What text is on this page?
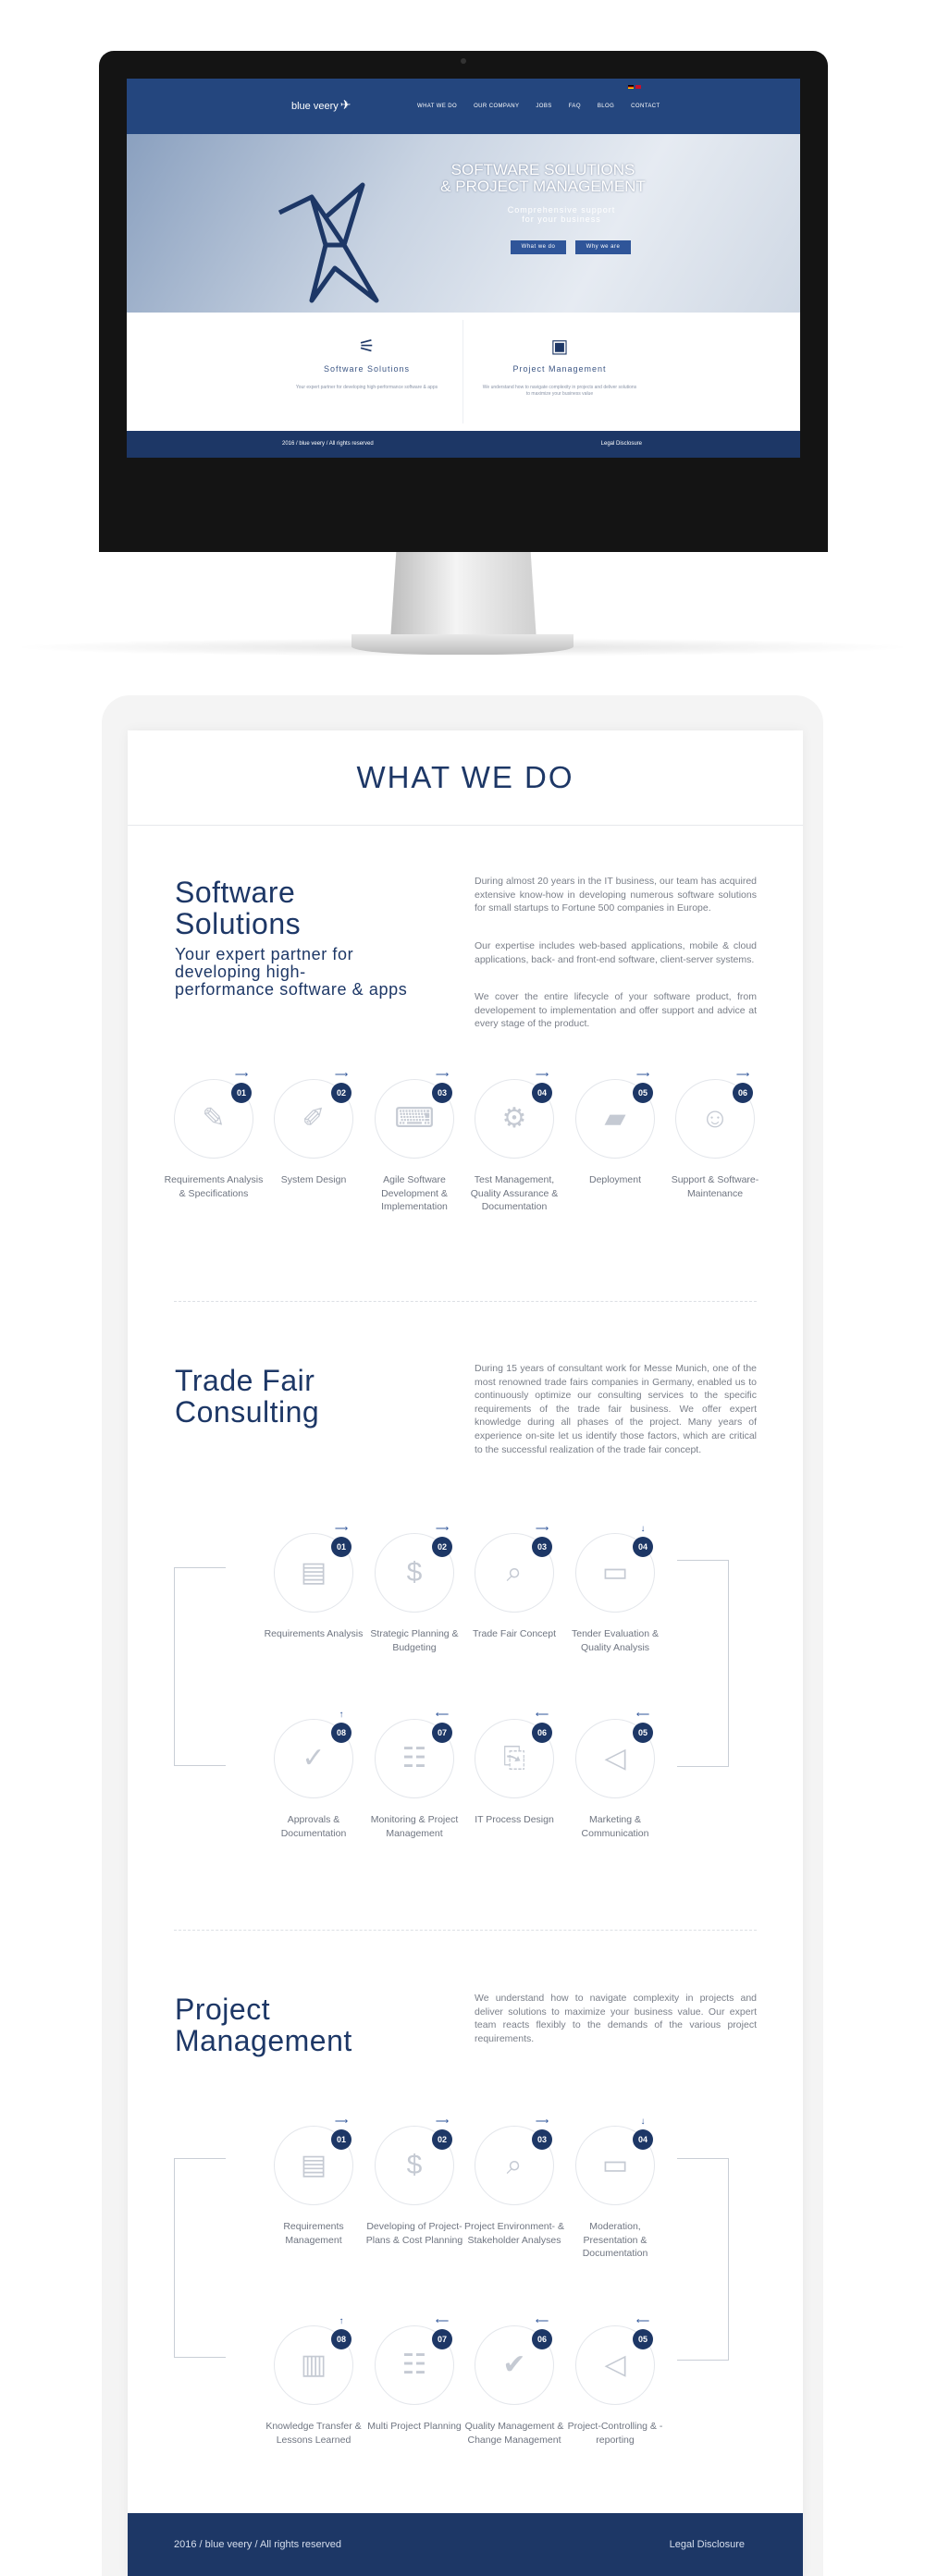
blue veery ✈	WHAT WE DO	OUR COMPANY	JOBS	FAQ	BLOG	CONTACT
SOFTWARE SOLUTIONS
& PROJECT MANAGEMENT
Comprehensive support
for your business
What we do	Why we are
⚟
Software Solutions
Your expert partner for developing high-performance software & apps
▣
Project Management
We understand how to navigate complexity in projects and deliver solutions to maximize your business value
2016 / blue veery / All rights reserved	Legal Disclosure
WHAT WE DO
Software
Solutions
Your expert partner for
developing high-
performance software & apps
During almost 20 years in the IT business, our team has acquired extensive know-how in developing numerous software solutions for small startups to Fortune 500 companies in Europe.
Our expertise includes web-based applications, mobile & cloud applications, back- and front-end software, client-server systems.
We cover the entire lifecycle of your software product, from developement to implementation and offer support and advice at every stage of the product.
✎
⟶
01
Requirements Analysis & Specifications
✐
⟶
02
System Design
⌨
⟶
03
Agile Software Development & Implementation
⚙
⟶
04
Test Management, Quality Assurance & Documentation
▰
⟶
05
Deployment
☺
⟶
06
Support & Software-Maintenance
Trade Fair
Consulting
During 15 years of consultant work for Messe Munich, one of the most renowned trade fairs companies in Germany, enabled us to continuously optimize our consulting services to the specific requirements of the trade fair business. We offer expert knowledge during all phases of the project. Many years of experience on-site let us identify those factors, which are critical to the successful realization of the trade fair concept.
▤
⟶
01
Requirements Analysis
$
⟶
02
Strategic Planning & Budgeting
⌕
⟶
03
Trade Fair Concept
▭
↓
04
Tender Evaluation & Quality Analysis
✓
↑
08
Approvals & Documentation
☷
⟵
07
Monitoring & Project Management
⎘
⟵
06
IT Process Design
◁
⟵
05
Marketing & Communication
Project
Management
We understand how to navigate complexity in projects and deliver solutions to maximize your business value. Our expert team reacts flexibly to the demands of the various project requirements.
▤
⟶
01
Requirements Management
$
⟶
02
Developing of Project-Plans & Cost Planning
⌕
⟶
03
Project Environment- & Stakeholder Analyses
▭
↓
04
Moderation, Presentation & Documentation
▥
↑
08
Knowledge Transfer & Lessons Learned
☷
⟵
07
Multi Project Planning
✔
⟵
06
Quality Management & Change Management
◁
⟵
05
Project-Controlling & -reporting
2016 / blue veery / All rights reserved	Legal Disclosure
